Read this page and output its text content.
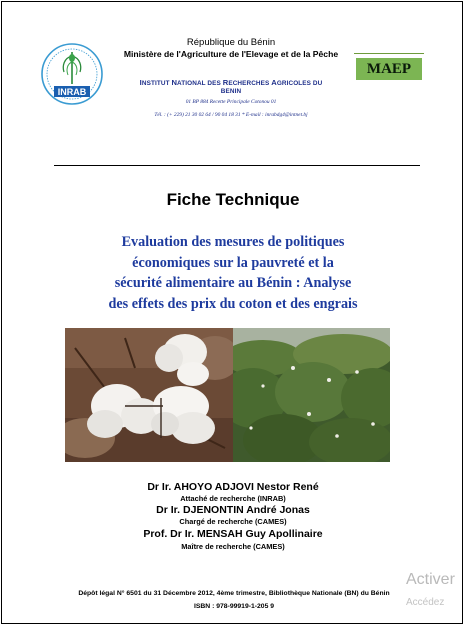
INRAB
République du Bénin
Ministère de l'Agriculture de l'Elevage et de la Pêche
INSTITUT NATIONAL DES RECHERCHES AGRICOLES DU
BENIN
01 BP 884 Recette Principale Cotonou 01
Tél. : (+ 229) 21 30 02 64 / 90 04 18 31 * E-mail : inrabdg4@intnet.bj
MAEP
Fiche Technique
Evaluation des mesures de politiques
économiques sur la pauvreté et la
sécurité alimentaire au Bénin : Analyse
des effets des prix du coton et des engrais
Dr Ir. AHOYO ADJOVI Nestor René
Attaché de recherche (INRAB)
Dr Ir. DJENONTIN André Jonas
Chargé de recherche (CAMES)
Prof. Dr Ir. MENSAH Guy Apollinaire
Maître de recherche (CAMES)
Dépôt légal N° 6501 du 31 Décembre 2012, 4ème trimestre, Bibliothèque Nationale (BN) du Bénin
ISBN : 978-99919-1-205 9
Activer
Accédez
